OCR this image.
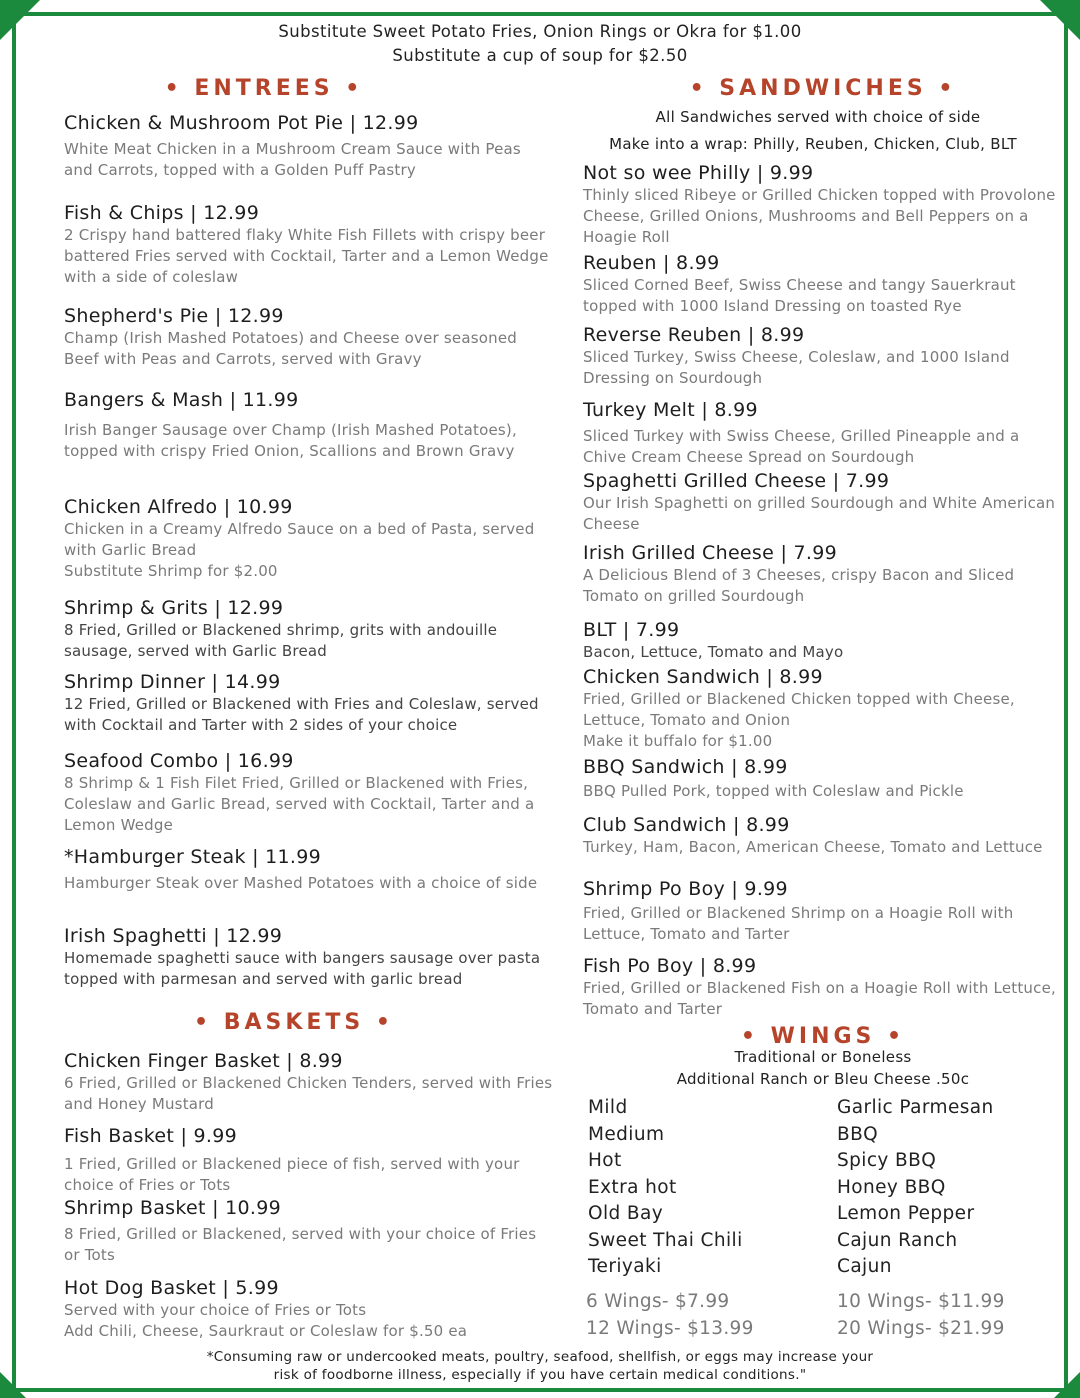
Substitute Sweet Potato Fries, Onion Rings or Okra for $1.00
Substitute a cup of soup for $2.50
• ENTREES •
Chicken & Mushroom Pot Pie | 12.99
White Meat Chicken in a Mushroom Cream Sauce with Peas and Carrots, topped with a Golden Puff Pastry
Fish & Chips | 12.99
2 Crispy hand battered flaky White Fish Fillets with crispy beer battered Fries served with Cocktail, Tarter and a Lemon Wedge with a side of coleslaw
Shepherd's Pie | 12.99
Champ (Irish Mashed Potatoes) and Cheese over seasoned Beef with Peas and Carrots, served with Gravy
Bangers & Mash | 11.99
Irish Banger Sausage over Champ (Irish Mashed Potatoes), topped with crispy Fried Onion, Scallions and Brown Gravy
Chicken Alfredo | 10.99
Chicken in a Creamy Alfredo Sauce on a bed of Pasta, served with Garlic Bread
Substitute Shrimp for $2.00
Shrimp & Grits | 12.99
8 Fried, Grilled or Blackened shrimp, grits with andouille sausage, served with Garlic Bread
Shrimp Dinner | 14.99
12 Fried, Grilled or Blackened with Fries and Coleslaw, served with Cocktail and Tarter with 2 sides of your choice
Seafood Combo | 16.99
8 Shrimp & 1 Fish Filet Fried, Grilled or Blackened with Fries, Coleslaw and Garlic Bread, served with Cocktail, Tarter and a Lemon Wedge
*Hamburger Steak | 11.99
Hamburger Steak over Mashed Potatoes with a choice of side
Irish Spaghetti | 12.99
Homemade spaghetti sauce with bangers sausage over pasta topped with parmesan and served with garlic bread
• BASKETS •
Chicken Finger Basket | 8.99
6 Fried, Grilled or Blackened Chicken Tenders, served with Fries and Honey Mustard
Fish Basket | 9.99
1 Fried, Grilled or Blackened piece of fish, served with your choice of Fries or Tots
Shrimp Basket | 10.99
8 Fried, Grilled or Blackened, served with your choice of Fries or Tots
Hot Dog Basket | 5.99
Served with your choice of Fries or Tots
Add Chili, Cheese, Saurkraut or Coleslaw for $.50 ea
• SANDWICHES •
All Sandwiches served with choice of side
Make into a wrap: Philly, Reuben, Chicken, Club, BLT
Not so wee Philly | 9.99
Thinly sliced Ribeye or Grilled Chicken topped with Provolone Cheese, Grilled Onions, Mushrooms and Bell Peppers on a Hoagie Roll
Reuben | 8.99
Sliced Corned Beef, Swiss Cheese and tangy Sauerkraut topped with 1000 Island Dressing on toasted Rye
Reverse Reuben | 8.99
Sliced Turkey, Swiss Cheese, Coleslaw, and 1000 Island Dressing on Sourdough
Turkey Melt | 8.99
Sliced Turkey with Swiss Cheese, Grilled Pineapple and a Chive Cream Cheese Spread on Sourdough
Spaghetti Grilled Cheese | 7.99
Our Irish Spaghetti on grilled Sourdough and White American Cheese
Irish Grilled Cheese | 7.99
A Delicious Blend of 3 Cheeses, crispy Bacon and Sliced Tomato on grilled Sourdough
BLT | 7.99
Bacon, Lettuce, Tomato and Mayo
Chicken Sandwich | 8.99
Fried, Grilled or Blackened Chicken topped with Cheese, Lettuce, Tomato and Onion
Make it buffalo for $1.00
BBQ Sandwich | 8.99
BBQ Pulled Pork, topped with Coleslaw and Pickle
Club Sandwich | 8.99
Turkey, Ham, Bacon, American Cheese, Tomato and Lettuce
Shrimp Po Boy | 9.99
Fried, Grilled or Blackened Shrimp on a Hoagie Roll with Lettuce, Tomato and Tarter
Fish Po Boy | 8.99
Fried, Grilled or Blackened Fish on a Hoagie Roll with Lettuce, Tomato and Tarter
• WINGS •
Traditional or Boneless
Additional Ranch or Bleu Cheese .50c
Mild
Medium
Hot
Extra hot
Old Bay
Sweet Thai Chili
Teriyaki
Garlic Parmesan
BBQ
Spicy BBQ
Honey BBQ
Lemon Pepper
Cajun Ranch
Cajun
6 Wings- $7.99
12 Wings- $13.99
10 Wings- $11.99
20 Wings- $21.99
*Consuming raw or undercooked meats, poultry, seafood, shellfish, or eggs may increase your
risk of foodborne illness, especially if you have certain medical conditions."
